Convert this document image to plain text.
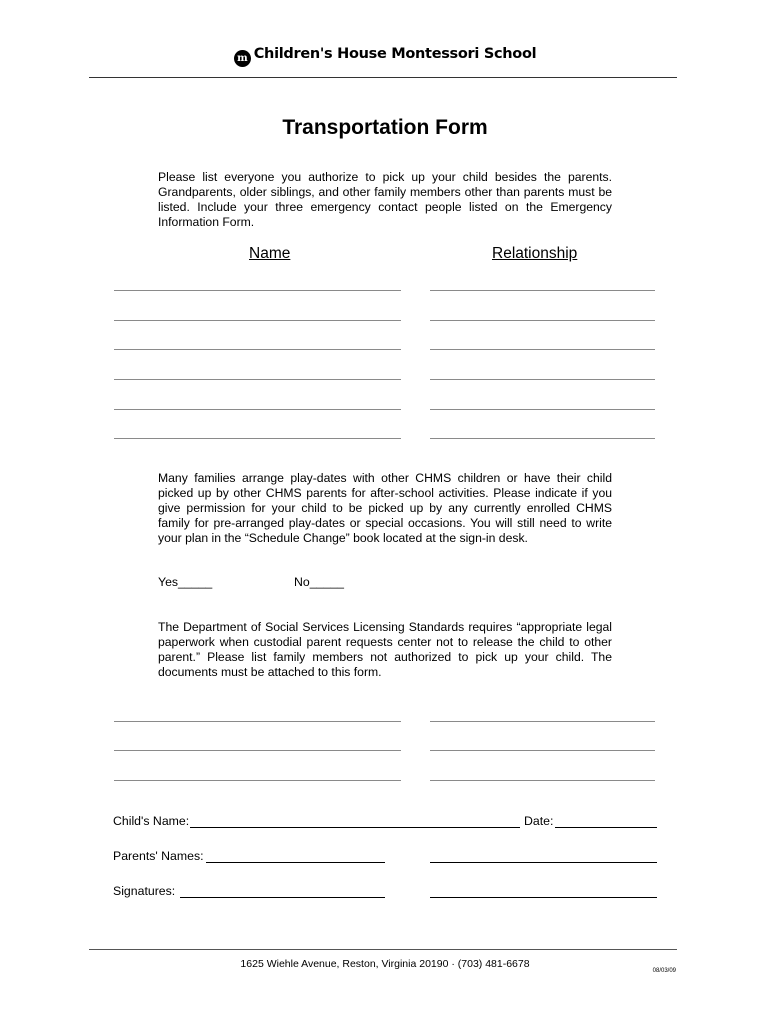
m Children's House Montessori School
Transportation Form
Please list everyone you authorize to pick up your child besides the parents. Grandparents, older siblings, and other family members other than parents must be listed. Include your three emergency contact people listed on the Emergency Information Form.
Name	Relationship
Many families arrange play-dates with other CHMS children or have their child picked up by other CHMS parents for after-school activities. Please indicate if you give permission for your child to be picked up by any currently enrolled CHMS family for pre-arranged play-dates or special occasions. You will still need to write your plan in the “Schedule Change” book located at the sign-in desk.
Yes_____	No_____
The Department of Social Services Licensing Standards requires “appropriate legal paperwork when custodial parent requests center not to release the child to other parent.” Please list family members not authorized to pick up your child. The documents must be attached to this form.
Child's Name:	Date:
Parents' Names:
Signatures:
1625 Wiehle Avenue, Reston, Virginia 20190 · (703) 481-6678
08/03/09
